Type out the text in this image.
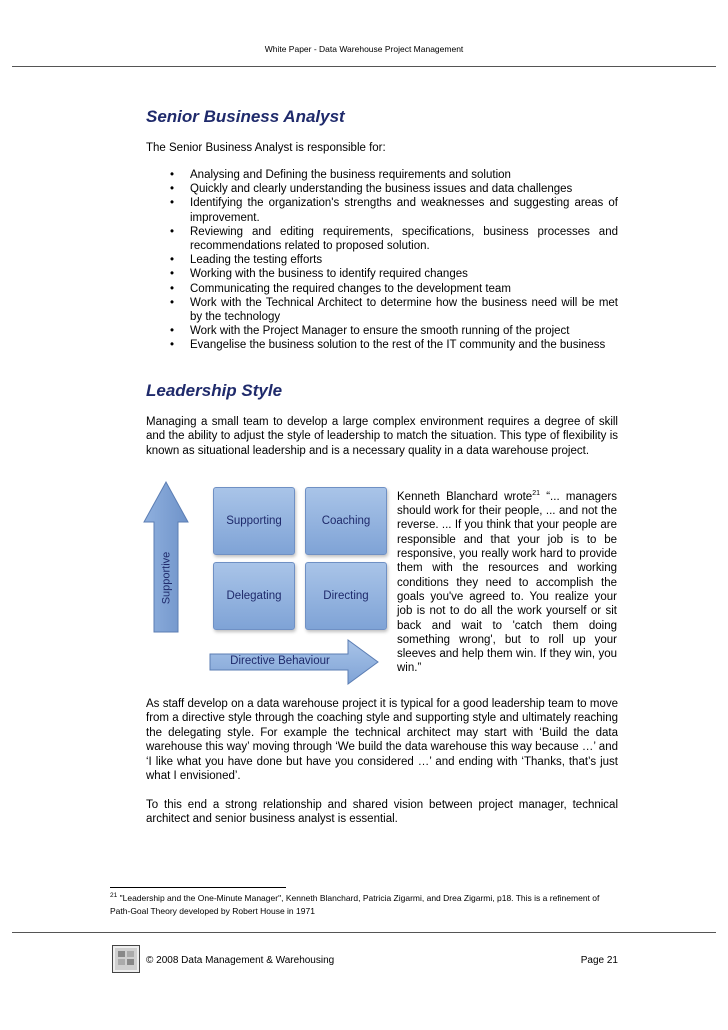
White Paper - Data Warehouse Project Management
Senior Business Analyst
The Senior Business Analyst is responsible for:
• Analysing and Defining the business requirements and solution
• Quickly and clearly understanding the business issues and data challenges
• Identifying the organization's strengths and weaknesses and suggesting areas of improvement.
• Reviewing and editing requirements, specifications, business processes and recommendations related to proposed solution.
• Leading the testing efforts
• Working with the business to identify required changes
• Communicating the required changes to the development team
• Work with the Technical Architect to determine how the business need will be met by the technology
• Work with the Project Manager to ensure the smooth running of the project
• Evangelise the business solution to the rest of the IT community and the business
Leadership Style
Managing a small team to develop a large complex environment requires a degree of skill and the ability to adjust the style of leadership to match the situation. This type of flexibility is known as situational leadership and is a necessary quality in a data warehouse project.
Supportive
Supporting	Coaching
Delegating	Directing
Directive Behaviour
Kenneth Blanchard wrote$^{21}$ “... managers should work for their people, ... and not the reverse. ... If you think that your people are responsible and that your job is to be responsive, you really work hard to provide them with the resources and working conditions they need to accomplish the goals you've agreed to. You realize your job is not to do all the work yourself or sit back and wait to 'catch them doing something wrong', but to roll up your sleeves and help them win. If they win, you win.”
As staff develop on a data warehouse project it is typical for a good leadership team to move from a directive style through the coaching style and supporting style and ultimately reaching the delegating style. For example the technical architect may start with ‘Build the data warehouse this way’ moving through ‘We build the data warehouse this way because …’ and ‘I like what you have done but have you considered …’ and ending with ‘Thanks, that’s just what I envisioned’.
To this end a strong relationship and shared vision between project manager, technical architect and senior business analyst is essential.
$^{21}$ "Leadership and the One-Minute Manager", Kenneth Blanchard, Patricia Zigarmi, and Drea Zigarmi, p18. This is a refinement of Path-Goal Theory developed by Robert House in 1971
© 2008 Data Management & Warehousing	Page 21
